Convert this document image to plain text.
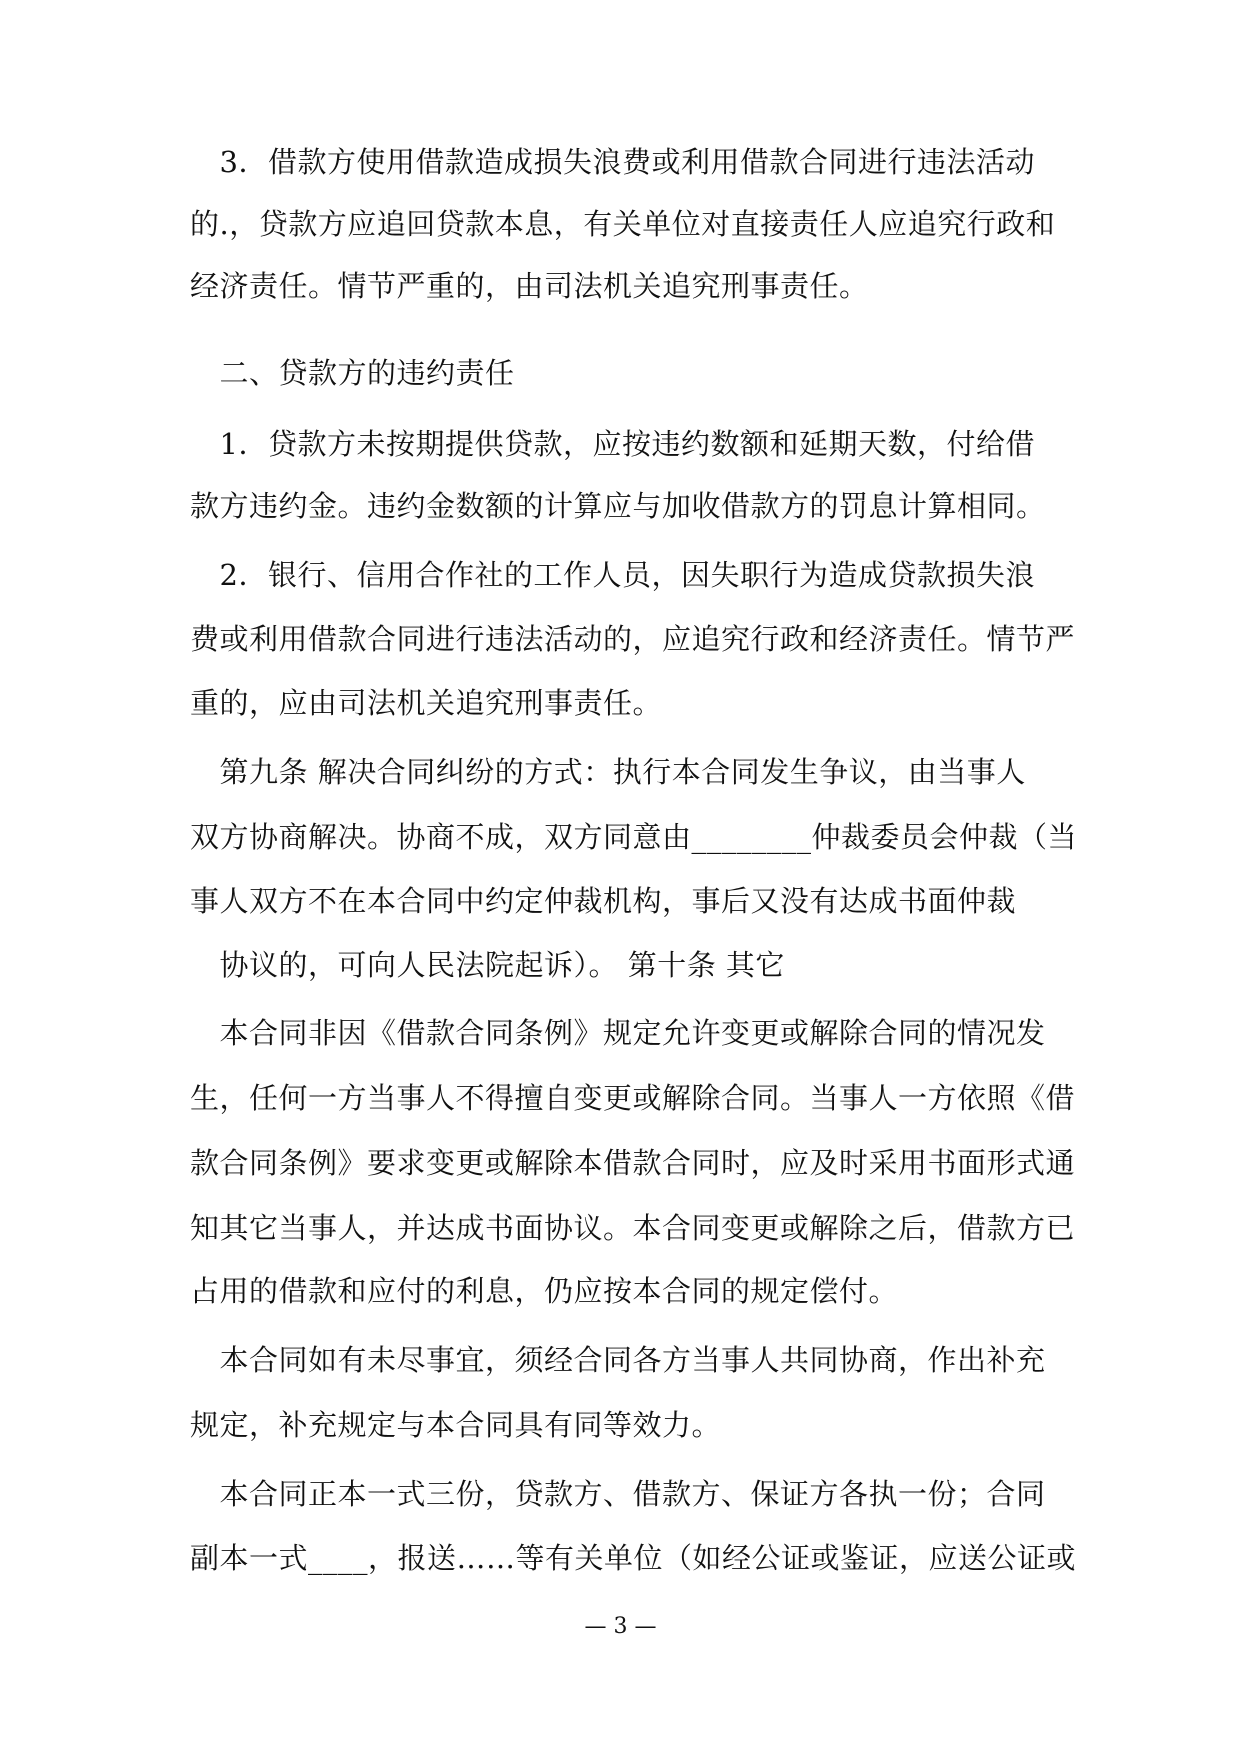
　3．借款方使用借款造成损失浪费或利用借款合同进行违法活动
的.，贷款方应追回贷款本息，有关单位对直接责任人应追究行政和
经济责任。情节严重的，由司法机关追究刑事责任。
　二、贷款方的违约责任
　1．贷款方未按期提供贷款，应按违约数额和延期天数，付给借
款方违约金。违约金数额的计算应与加收借款方的罚息计算相同。
　2．银行、信用合作社的工作人员，因失职行为造成贷款损失浪
费或利用借款合同进行违法活动的，应追究行政和经济责任。情节严
重的，应由司法机关追究刑事责任。
　第九条 解决合同纠纷的方式：执行本合同发生争议，由当事人
双方协商解决。协商不成，双方同意由________仲裁委员会仲裁（当
事人双方不在本合同中约定仲裁机构，事后又没有达成书面仲裁
　协议的，可向人民法院起诉）。 第十条 其它
　本合同非因《借款合同条例》规定允许变更或解除合同的情况发
生，任何一方当事人不得擅自变更或解除合同。当事人一方依照《借
款合同条例》要求变更或解除本借款合同时，应及时采用书面形式通
知其它当事人，并达成书面协议。本合同变更或解除之后，借款方已
占用的借款和应付的利息，仍应按本合同的规定偿付。
　本合同如有未尽事宜，须经合同各方当事人共同协商，作出补充
规定，补充规定与本合同具有同等效力。
　本合同正本一式三份，贷款方、借款方、保证方各执一份；合同
副本一式____，报送……等有关单位（如经公证或鉴证，应送公证或
— 3 —
